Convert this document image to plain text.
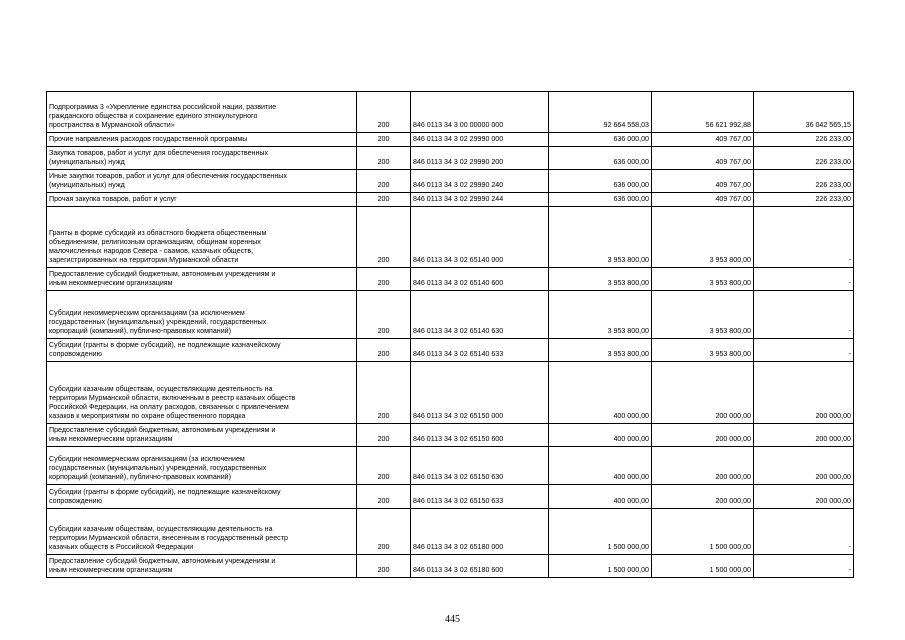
Подпрограмма 3 «Укрепление единства российской нации, развитие
гражданского общества и сохранение единого этнокультурного
пространства в Мурманской области»	200	846 0113 34 3 00 00000 000	92 664 558,03	56 621 992,88	36 042 565,15
Прочие направления расходов государственной программы	200	846 0113 34 3 02 29990 000	636 000,00	409 767,00	226 233,00
Закупка товаров, работ и услуг для обеспечения государственных
(муниципальных) нужд	200	846 0113 34 3 02 29990 200	636 000,00	409 767,00	226 233,00
Иные закупки товаров, работ и услуг для обеспечения государственных
(муниципальных) нужд	200	846 0113 34 3 02 29990 240	636 000,00	409 767,00	226 233,00
Прочая закупка товаров, работ и услуг	200	846 0113 34 3 02 29990 244	636 000,00	409 767,00	226 233,00
Гранты в форме субсидий из областного бюджета общественным
объединениям, религиозным организациям, общинам коренных
малочисленных народов Севера - саамов, казачьих обществ,
зарегистрированных на территории Мурманской области	200	846 0113 34 3 02 65140 000	3 953 800,00	3 953 800,00	-
Предоставление субсидий бюджетным, автономным учреждениям и
иным некоммерческим организациям	200	846 0113 34 3 02 65140 600	3 953 800,00	3 953 800,00	-
Субсидии некоммерческим организациям (за исключением
государственных (муниципальных) учреждений, государственных
корпораций (компаний), публично-правовых компаний)	200	846 0113 34 3 02 65140 630	3 953 800,00	3 953 800,00	-
Субсидии (гранты в форме субсидий), не подлежащие казначейскому
сопровождению	200	846 0113 34 3 02 65140 633	3 953 800,00	3 953 800,00	-
Субсидии казачьим обществам, осуществляющим деятельность на
территории Мурманской области, включенным в реестр казачьих обществ
Российской Федерации, на оплату расходов, связанных с привлечением
казаков к мероприятиям по охране общественного порядка	200	846 0113 34 3 02 65150 000	400 000,00	200 000,00	200 000,00
Предоставление субсидий бюджетным, автономным учреждениям и
иным некоммерческим организациям	200	846 0113 34 3 02 65150 600	400 000,00	200 000,00	200 000,00
Субсидии некоммерческим организациям (за исключением
государственных (муниципальных) учреждений, государственных
корпораций (компаний), публично-правовых компаний)	200	846 0113 34 3 02 65150 630	400 000,00	200 000,00	200 000,00
Субсидии (гранты в форме субсидий), не подлежащие казначейскому
сопровождению	200	846 0113 34 3 02 65150 633	400 000,00	200 000,00	200 000,00
Субсидии казачьим обществам, осуществляющим деятельность на
территории Мурманской области, внесенным в государственный реестр
казачьих обществ в Российской Федерации	200	846 0113 34 3 02 65180 000	1 500 000,00	1 500 000,00	-
Предоставление субсидий бюджетным, автономным учреждениям и
иным некоммерческим организациям	200	846 0113 34 3 02 65180 600	1 500 000,00	1 500 000,00	-
445
